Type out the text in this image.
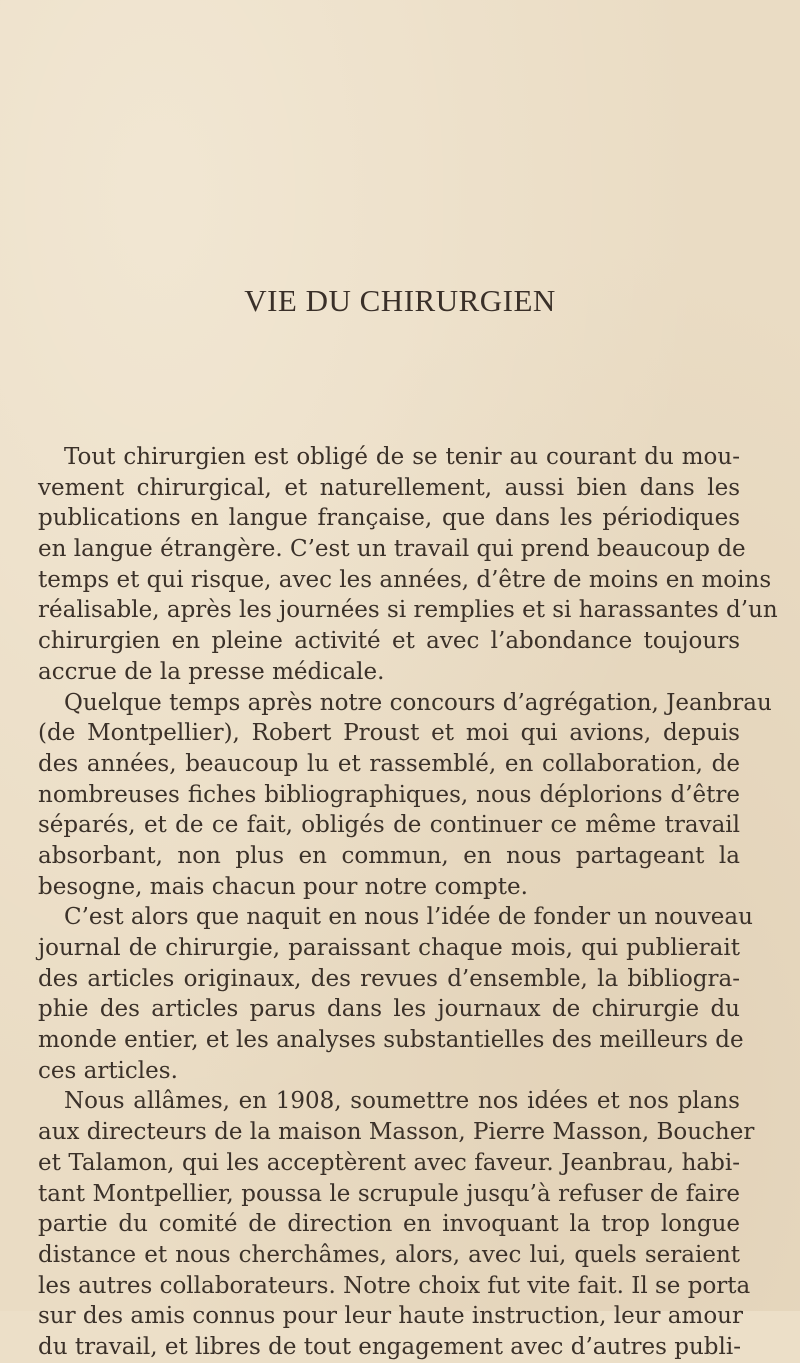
VIE DU CHIRURGIEN
Tout chirurgien est obligé de se tenir au courant du mou-
vement chirurgical, et naturellement, aussi bien dans les
publications en langue française, que dans les périodiques
en langue étrangère. C’est un travail qui prend beaucoup de
temps et qui risque, avec les années, d’être de moins en moins
réalisable, après les journées si remplies et si harassantes d’un
chirurgien en pleine activité et avec l’abondance toujours
accrue de la presse médicale.
Quelque temps après notre concours d’agrégation, Jeanbrau
(de Montpellier), Robert Proust et moi qui avions, depuis
des années, beaucoup lu et rassemblé, en collaboration, de
nombreuses fiches bibliographiques, nous déplorions d’être
séparés, et de ce fait, obligés de continuer ce même travail
absorbant, non plus en commun, en nous partageant la
besogne, mais chacun pour notre compte.
C’est alors que naquit en nous l’idée de fonder un nouveau
journal de chirurgie, paraissant chaque mois, qui publierait
des articles originaux, des revues d’ensemble, la bibliogra-
phie des articles parus dans les journaux de chirurgie du
monde entier, et les analyses substantielles des meilleurs de
ces articles.
Nous allâmes, en 1908, soumettre nos idées et nos plans
aux directeurs de la maison Masson, Pierre Masson, Boucher
et Talamon, qui les acceptèrent avec faveur. Jeanbrau, habi-
tant Montpellier, poussa le scrupule jusqu’à refuser de faire
partie du comité de direction en invoquant la trop longue
distance et nous cherchâmes, alors, avec lui, quels seraient
les autres collaborateurs. Notre choix fut vite fait. Il se porta
sur des amis connus pour leur haute instruction, leur amour
du travail, et libres de tout engagement avec d’autres publi-
